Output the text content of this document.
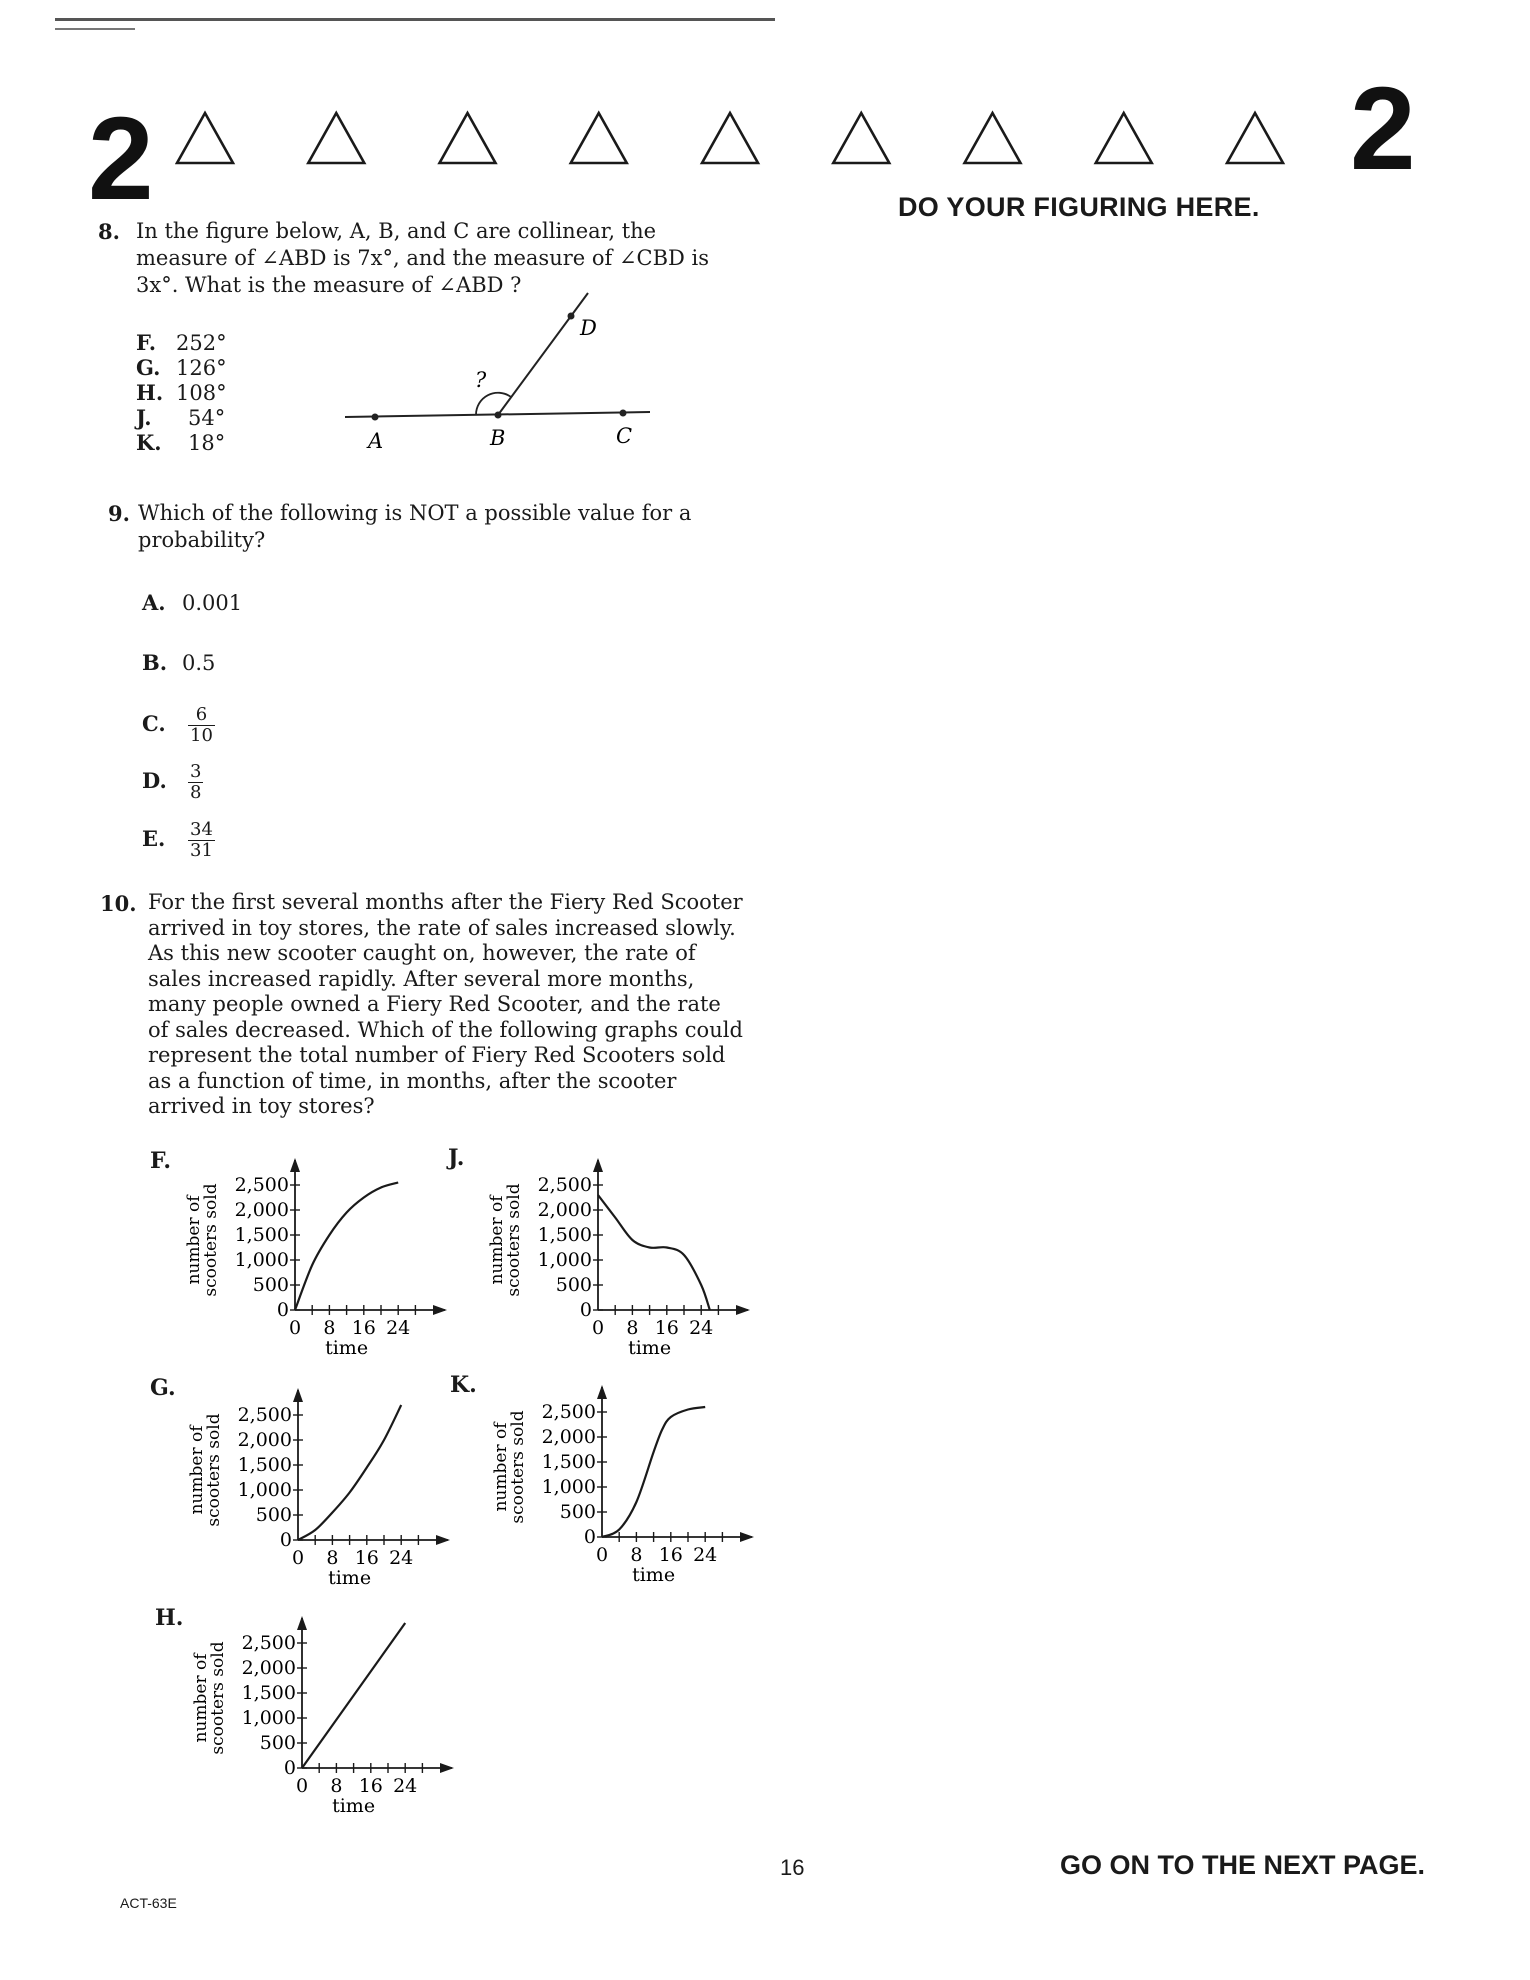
2	2
DO YOUR FIGURING HERE.
8. In the figure below, A, B, and C are collinear, the measure of ∠ABD is 7x°, and the measure of ∠CBD is 3x°. What is the measure of ∠ABD ?
F. 252°
G. 126°
H. 108°
J. 54°
K. 18°
?
A	B	C
D
9. Which of the following is NOT a possible value for a probability?
A. 0.001
B. 0.5
C. $\frac{6}{10}$
D. $\frac{3}{8}$
E. $\frac{34}{31}$
10. For the first several months after the Fiery Red Scooter arrived in toy stores, the rate of sales increased slowly. As this new scooter caught on, however, the rate of sales increased rapidly. After several more months, many people owned a Fiery Red Scooter, and the rate of sales decreased. Which of the following graphs could represent the total number of Fiery Red Scooters sold as a function of time, in months, after the scooter arrived in toy stores?
F.	J.
G.	K.
H.
number of
scooters sold
0
500
1,000
1,500
2,000
2,500
0 8 16 24
time
number of
scooters sold
0
500
1,000
1,500
2,000
2,500
0 8 16 24
time
number of
scooters sold
0
500
1,000
1,500
2,000
2,500
0 8 16 24
time
number of
scooters sold
0
500
1,000
1,500
2,000
2,500
0 8 16 24
time
number of
scooters sold
0
500
1,000
1,500
2,000
2,500
0 8 16 24
time
ACT-63E
16	GO ON TO THE NEXT PAGE.
